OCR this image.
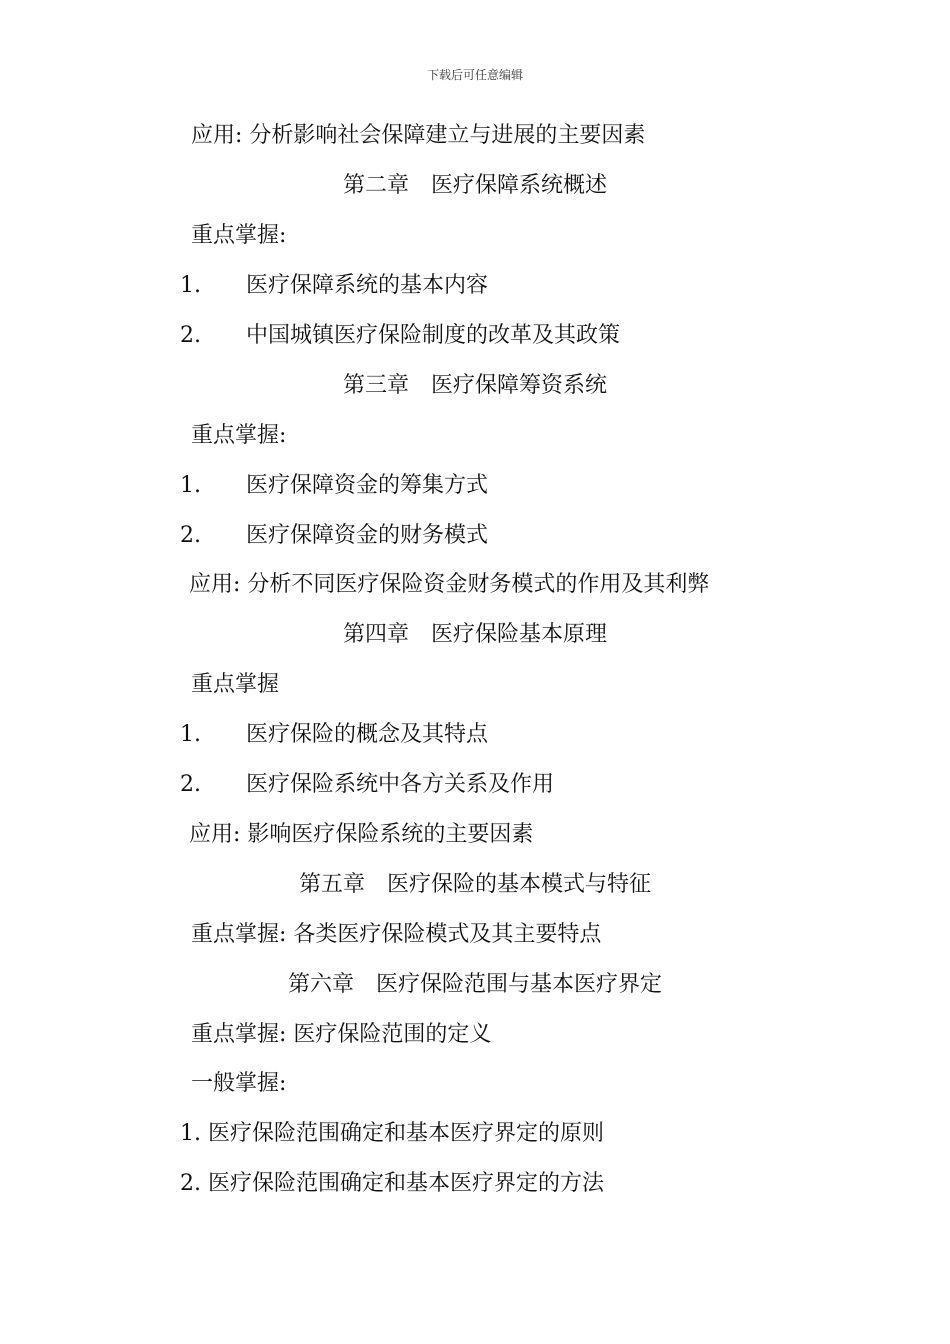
下载后可任意编辑
应用: 分析影响社会保障建立与进展的主要因素
第二章　医疗保障系统概述
重点掌握:
1. 医疗保障系统的基本内容
2. 中国城镇医疗保险制度的改革及其政策
第三章　医疗保障筹资系统
重点掌握:
1. 医疗保障资金的筹集方式
2. 医疗保障资金的财务模式
应用: 分析不同医疗保险资金财务模式的作用及其利弊
第四章　医疗保险基本原理
重点掌握
1. 医疗保险的概念及其特点
2. 医疗保险系统中各方关系及作用
应用: 影响医疗保险系统的主要因素
第五章　医疗保险的基本模式与特征
重点掌握: 各类医疗保险模式及其主要特点
第六章　医疗保险范围与基本医疗界定
重点掌握: 医疗保险范围的定义
一般掌握:
1. 医疗保险范围确定和基本医疗界定的原则
2. 医疗保险范围确定和基本医疗界定的方法
